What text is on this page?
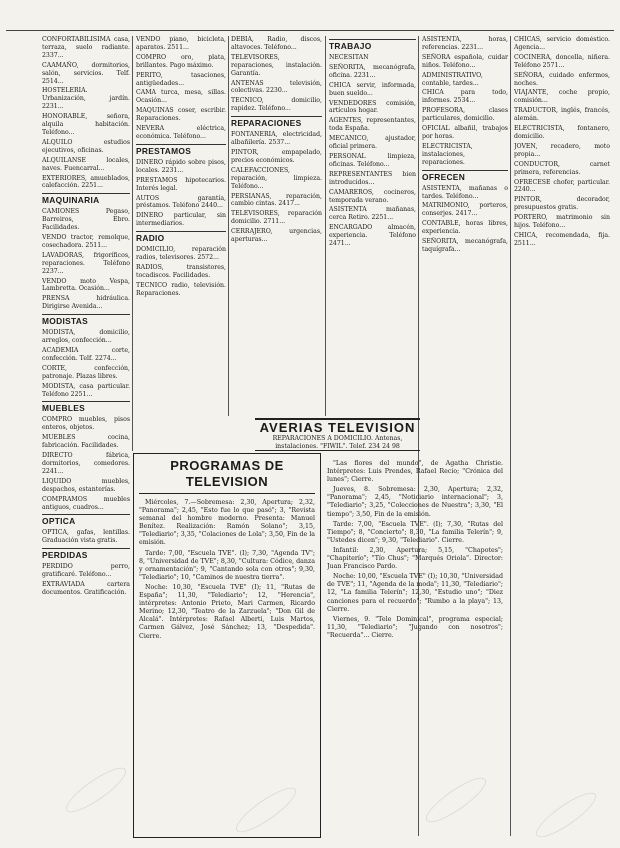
CONFORTABILISIMA casa, terraza, suelo radiante. 2337...

CAAMAÑO, dormitorios, salón, servicios. Telf. 2514...

HOSTELERIA. Urbanización, jardín. 2231...

HONORABLE, señora, alquila habitación. Teléfono...

ALQUILO estudios ejecutivos, oficinas.

ALQUILANSE locales, naves. Fuencarral...

EXTERIORES, amueblados, calefacción. 2251...

MAQUINARIA

CAMIONES Pegaso, Barreiros, Ebro. Facilidades.

VENDO tractor, remolque, cosechadora. 2511...

LAVADORAS, frigoríficos, reparaciones. Teléfono 2237...

VENDO moto Vespa, Lambretta. Ocasión...

PRENSA hidráulica. Dirigirse Avenida...

MODISTAS

MODISTA, domicilio, arreglos, confección...

ACADEMIA corte, confección. Telf. 2274...

CORTE, confección, patronaje. Plazas libres.

MODISTA, casa particular. Teléfono 2251...

MUEBLES

COMPRO muebles, pisos enteros, objetos.

MUEBLES cocina, fabricación. Facilidades.

DIRECTO fábrica, dormitorios, comedores. 2241...

LIQUIDO muebles, despachos, estanterías.

COMPRAMOS muebles antiguos, cuadros...

OPTICA

OPTICA, gafas, lentillas. Graduación vista gratis.

PERDIDAS

PERDIDO perro, gratificaré. Teléfono...

EXTRAVIADA cartera documentos. Gratificación.

VENDO piano, bicicleta, aparatos. 2511...

COMPRO oro, plata, brillantes. Pago máximo.

PERITO, tasaciones, antigüedades...

CAMA turca, mesa, sillas. Ocasión...

MAQUINAS coser, escribir. Reparaciones.

NEVERA eléctrica, económica. Teléfono...

PRESTAMOS

DINERO rápido sobre pisos, locales. 2231...

PRESTAMOS hipotecarios. Interés legal.

AUTOS garantía, préstamos. Teléfono 2440...

DINERO particular, sin intermediarios.

RADIO

DOMICILIO, reparación radios, televisores. 2572...

RADIOS, transistores, tocadiscos. Facilidades.

TECNICO radio, televisión. Reparaciones.

DEBIA, Radio, discos, altavoces. Teléfono...

TELEVISORES, reparaciones, instalación. Garantía.

ANTENAS televisión, colectivas. 2230...

TECNICO, domicilio, rapidez. Teléfono...

REPARACIONES

FONTANERIA, electricidad, albañilería. 2537...

PINTOR, empapelado, precios económicos.

CALEFACCIONES, reparación, limpieza. Teléfono...

PERSIANAS, reparación, cambio cintas. 2417...

TELEVISORES, reparación domicilio. 2711...

CERRAJERO, urgencias, aperturas...

TRABAJO

NECESITAN

SEÑORITA, mecanógrafa, oficina. 2231...

CHICA servir, informada, buen sueldo...

VENDEDORES comisión, artículos hogar.

AGENTES, representantes, toda España.

MECANICO, ajustador, oficial primera.

PERSONAL limpieza, oficinas. Teléfono...

REPRESENTANTES bien introducidos...

CAMAREROS, cocineros, temporada verano.

ASISTENTA mañanas, cerca Retiro. 2251...

ENCARGADO almacén, experiencia. Teléfono 2471...

ASISTENTA, horas, referencias. 2231...

SEÑORA española, cuidar niños. Teléfono...

ADMINISTRATIVO, contable, tardes...

CHICA para todo, informes. 2534...

PROFESORA, clases particulares, domicilio.

OFICIAL albañil, trabajos por horas.

ELECTRICISTA, instalaciones, reparaciones.

OFRECEN

ASISTENTA, mañanas o tardes. Teléfono...

MATRIMONIO, porteros, conserjes. 2417...

CONTABLE, horas libres, experiencia.

SEÑORITA, mecanógrafa, taquígrafa...

CHICAS, servicio doméstico. Agencia...

COCINERA, doncella, niñera. Teléfono 2571...

SEÑORA, cuidado enfermos, noches.

VIAJANTE, coche propio, comisión...

TRADUCTOR, inglés, francés, alemán.

ELECTRICISTA, fontanero, domicilio.

JOVEN, recadero, moto propia...

CONDUCTOR, carnet primera, referencias.

OFRECESE chofer, particular. 2240...

PINTOR, decorador, presupuestos gratis.

PORTERO, matrimonio sin hijos. Teléfono...

CHICA, recomendada, fija. 2511...

AVERIAS TELEVISION
REPARACIONES A DOMICILIO. Antenas, instalaciones. "FIWIL". Telef. 234 24 98
PROGRAMAS DE TELEVISION

Miércoles, 7.—Sobremesa: 2,30, Apertura; 2,32, "Panorama"; 2,45, "Esto fue lo que pasó"; 3, "Revista semanal del hombre moderno. Presenta: Manuel Benítez. Realización: Ramón Solano"; 3,15, "Telediario"; 3,35, "Colaciones de Lola"; 3,50, Fin de la emisión.

Tarde: 7,00, "Escuela TVE". (I); 7,30, "Agenda TV"; 8, "Universidad de TVE"; 8,30, "Cultura: Códice, danza y ornamentación"; 9, "Cantando sola con otros"; 9,30, "Telediario"; 10, "Caminos de nuestra tierra".

Noche: 10,30, "Escuela TVE" (I); 11, "Rutas de España"; 11,30, "Telediario"; 12, "Herencia", intérpretes: Antonio Prieto, Mari Carmen, Ricardo Merino; 12,30, "Teatro de la Zarzuela"; "Don Gil de Alcalá". Intérpretes: Rafael Alberti, Luis Martos, Carmen Gálvez, José Sánchez; 13, "Despedida". Cierre.

"Las flores del mundo", de Agatha Christie. Intérpretes: Luis Prendes, Rafael Recio; "Crónica del lunes"; Cierre.

Jueves, 8. Sobremesa: 2,30, Apertura; 2,32, "Panorama"; 2,45, "Noticiario internacional"; 3, "Telediario"; 3,25, "Colecciones de Nuestra"; 3,30, "El tiempo"; 3,50, Fin de la emisión.

Tarde: 7,00, "Escuela TVE". (I); 7,30, "Rutas del Tiempo"; 8, "Concierto"; 8,30, "La familia Telerín"; 9, "Ustedes dicen"; 9,30, "Telediario". Cierre.

Infantil: 2,30, Apertura; 5,15, "Chapotes"; "Chapiterío"; "Tío Chus"; "Marqués Oriola". Director: Juan Francisco Pardo.

Noche: 10,00, "Escuela TVE" (I); 10,30, "Universidad de TVE"; 11, "Agenda de la moda"; 11,30, "Telediario"; 12, "La familia Telerín"; 12,30, "Estudio uno"; "Diez canciones para el recuerdo"; "Rumbo a la playa"; 13, Cierre.

Viernes, 9. "Tele Dominical", programa especial; 11,30, "Telediario"; "Jugando con nosotros"; "Recuerda"... Cierre.
